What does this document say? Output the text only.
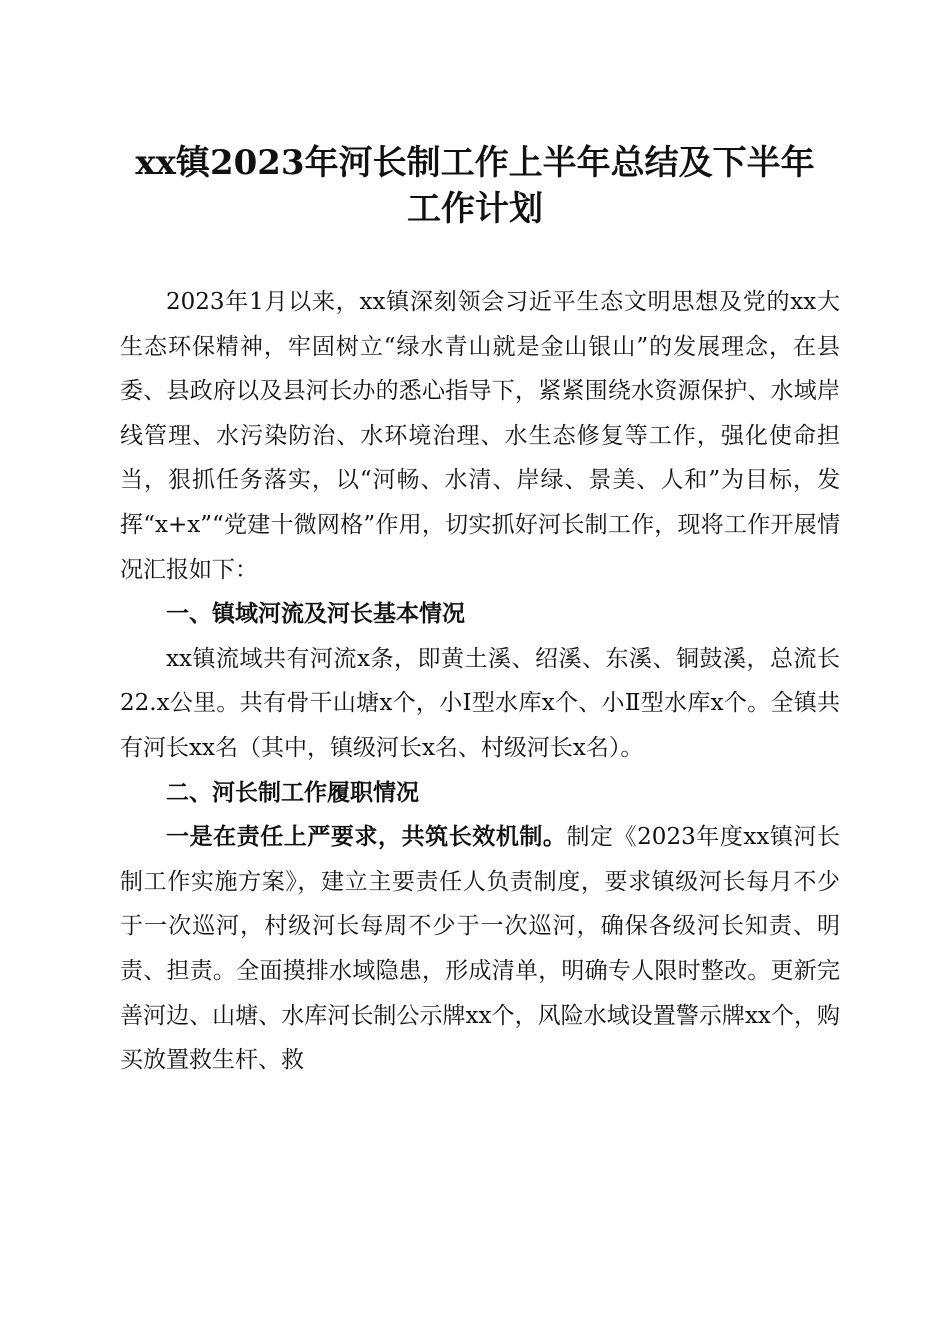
xx镇2023年河长制工作上半年总结及下半年
工作计划

2023年1月以来，xx镇深刻领会习近平生态文明思想及党的xx大生态环保精神，牢固树立“绿水青山就是金山银山”的发展理念，在县委、县政府以及县河长办的悉心指导下，紧紧围绕水资源保护、水域岸线管理、水污染防治、水环境治理、水生态修复等工作，强化使命担当，狠抓任务落实，以“河畅、水清、岸绿、景美、人和”为目标，发挥“x+x”“党建十微网格”作用，切实抓好河长制工作，现将工作开展情况汇报如下：

一、镇域河流及河长基本情况

xx镇流域共有河流x条，即黄土溪、绍溪、东溪、铜鼓溪，总流长22.x公里。共有骨干山塘x个，小Ⅰ型水库x个、小Ⅱ型水库x个。全镇共有河长xx名（其中，镇级河长x名、村级河长x名）。

二、河长制工作履职情况

一是在责任上严要求，共筑长效机制。制定《2023年度xx镇河长制工作实施方案》，建立主要责任人负责制度，要求镇级河长每月不少于一次巡河，村级河长每周不少于一次巡河，确保各级河长知责、明责、担责。全面摸排水域隐患，形成清单，明确专人限时整改。更新完善河边、山塘、水库河长制公示牌xx个，风险水域设置警示牌xx个，购买放置救生杆、救
